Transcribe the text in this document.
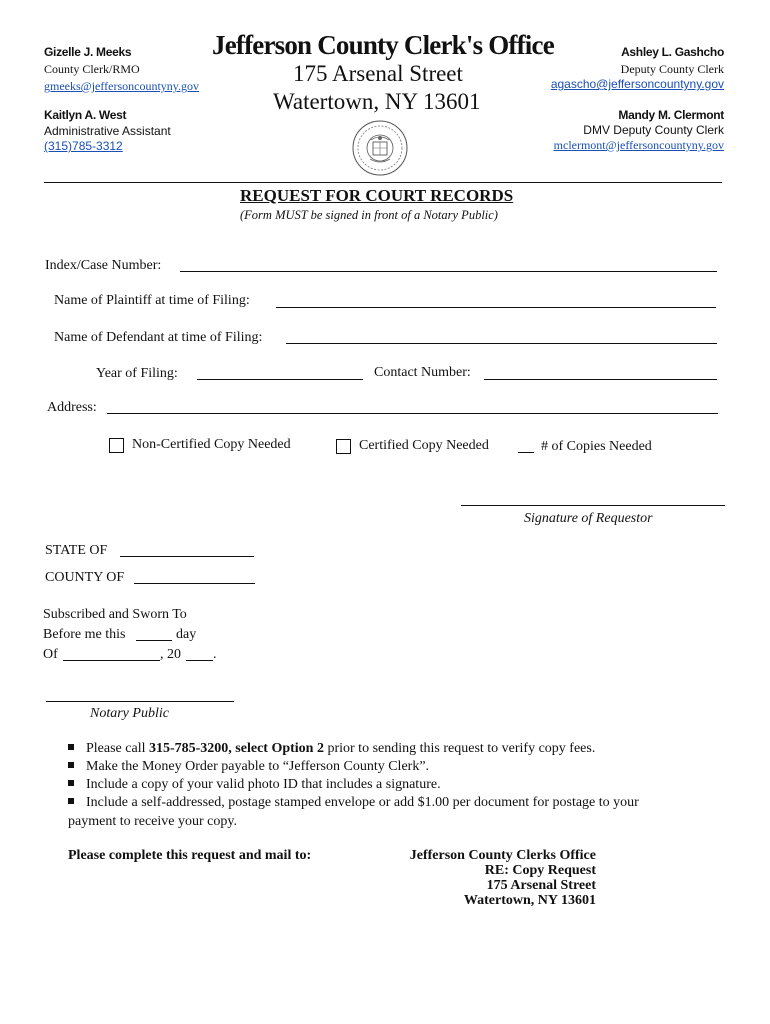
Gizelle J. Meeks
County Clerk/RMO
gmeeks@jeffersoncountyny.gov
Kaitlyn A. West
Administrative Assistant
(315)785-3312
Jefferson County Clerk's Office
175 Arsenal Street
Watertown, NY 13601
Ashley L. Gashcho
Deputy County Clerk
agascho@jeffersoncountyny.gov
Mandy M. Clermont
DMV Deputy County Clerk
mclermont@jeffersoncountyny.gov
REQUEST FOR COURT RECORDS
(Form MUST be signed in front of a Notary Public)
Index/Case Number:
Name of Plaintiff at time of Filing:
Name of Defendant at time of Filing:
Year of Filing:	Contact Number:
Address:
Non-Certified Copy Needed	Certified Copy Needed	# of Copies Needed
Signature of Requestor
STATE OF
COUNTY OF
Subscribed and Sworn To
Before me this	day
Of	, 20 .
Notary Public
Please call 315-785-3200, select Option 2 prior to sending this request to verify copy fees.
Make the Money Order payable to “Jefferson County Clerk”.
Include a copy of your valid photo ID that includes a signature.
Include a self-addressed, postage stamped envelope or add $1.00 per document for postage to your
payment to receive your copy.
Please complete this request and mail to:	Jefferson County Clerks Office
RE: Copy Request
175 Arsenal Street
Watertown, NY 13601
